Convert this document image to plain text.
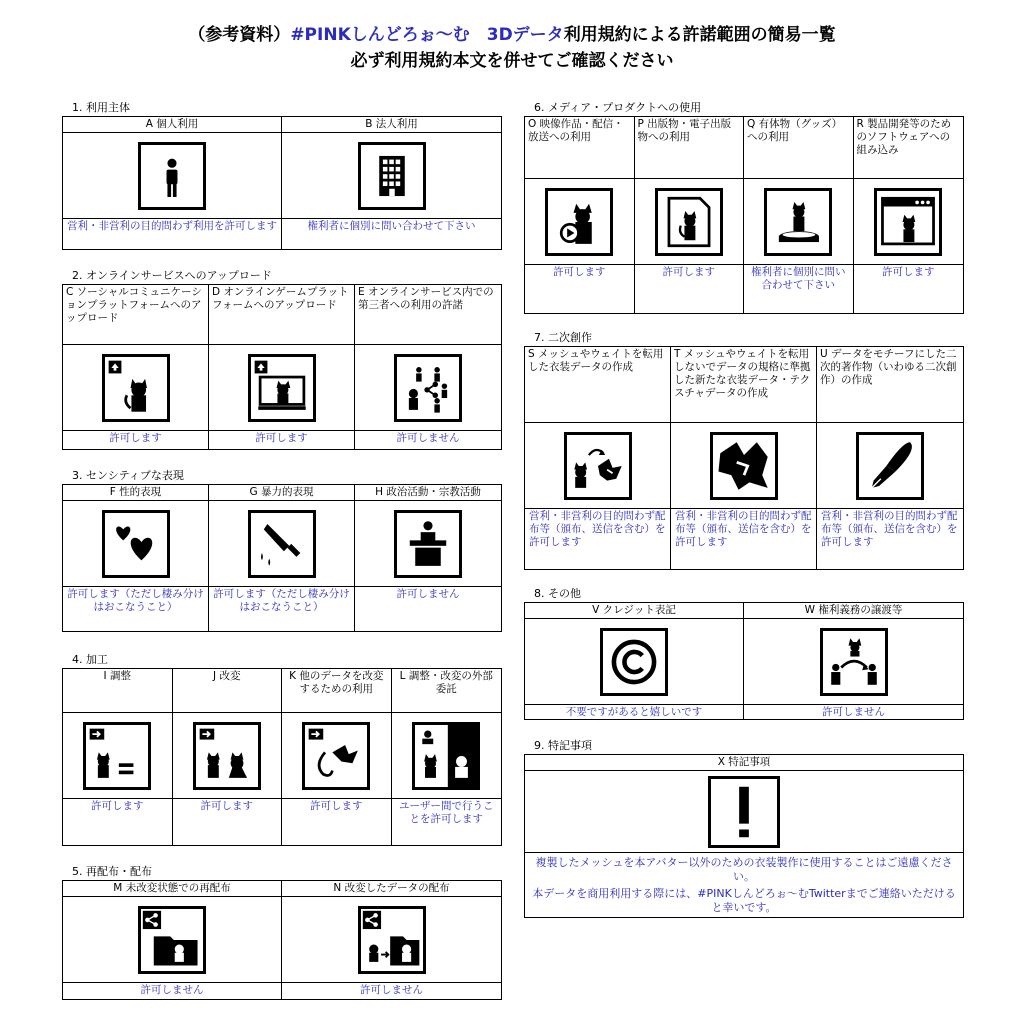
（参考資料）#PINKしんどろぉ〜む　3Dデータ利用規約による許諾範囲の簡易一覧
必ず利用規約本文を併せてご確認ください
1. 利用主体
A 個人利用
営利・非営利の目的問わず利用を許可します
B 法人利用
権利者に個別に問い合わせて下さい
2. オンラインサービスへのアップロード
C ソーシャルコミュニケーションプラットフォームへのアップロード
許可します
D オンラインゲームプラットフォームへのアップロード
許可します
E オンラインサービス内での第三者への利用の許諾
許可しません
3. センシティブな表現
F 性的表現
許可します（ただし棲み分けはおこなうこと）
G 暴力的表現
許可します（ただし棲み分けはおこなうこと）
H 政治活動・宗教活動
許可しません
4. 加工
I 調整
許可します
J 改変
許可します
K 他のデータを改変するための利用
許可します
L 調整・改変の外部委託
ユーザー間で行うことを許可します
5. 再配布・配布
M 未改変状態での再配布
許可しません
N 改変したデータの配布
許可しません
6. メディア・プロダクトへの使用
O 映像作品・配信・放送への利用
許可します
P 出版物・電子出版物への利用
許可します
Q 有体物（グッズ）への利用
権利者に個別に問い合わせて下さい
R 製品開発等のためのソフトウェアへの組み込み
許可します
7. 二次創作
S メッシュやウェイトを転用した衣装データの作成
営利・非営利の目的問わず配布等（頒布、送信を含む）を許可します
T メッシュやウェイトを転用しないでデータの規格に準拠した新たな衣装データ・テクスチャデータの作成
営利・非営利の目的問わず配布等（頒布、送信を含む）を許可します
U データをモチーフにした二次的著作物（いわゆる二次創作）の作成
営利・非営利の目的問わず配布等（頒布、送信を含む）を許可します
8. その他
V クレジット表記
不要ですがあると嬉しいです
W 権利義務の譲渡等
許可しません
9. 特記事項
X 特記事項
複製したメッシュを本アバター以外のための衣装製作に使用することはご遠慮ください。
本データを商用利用する際には、#PINKしんどろぉ〜むTwitterまでご連絡いただけると幸いです。
